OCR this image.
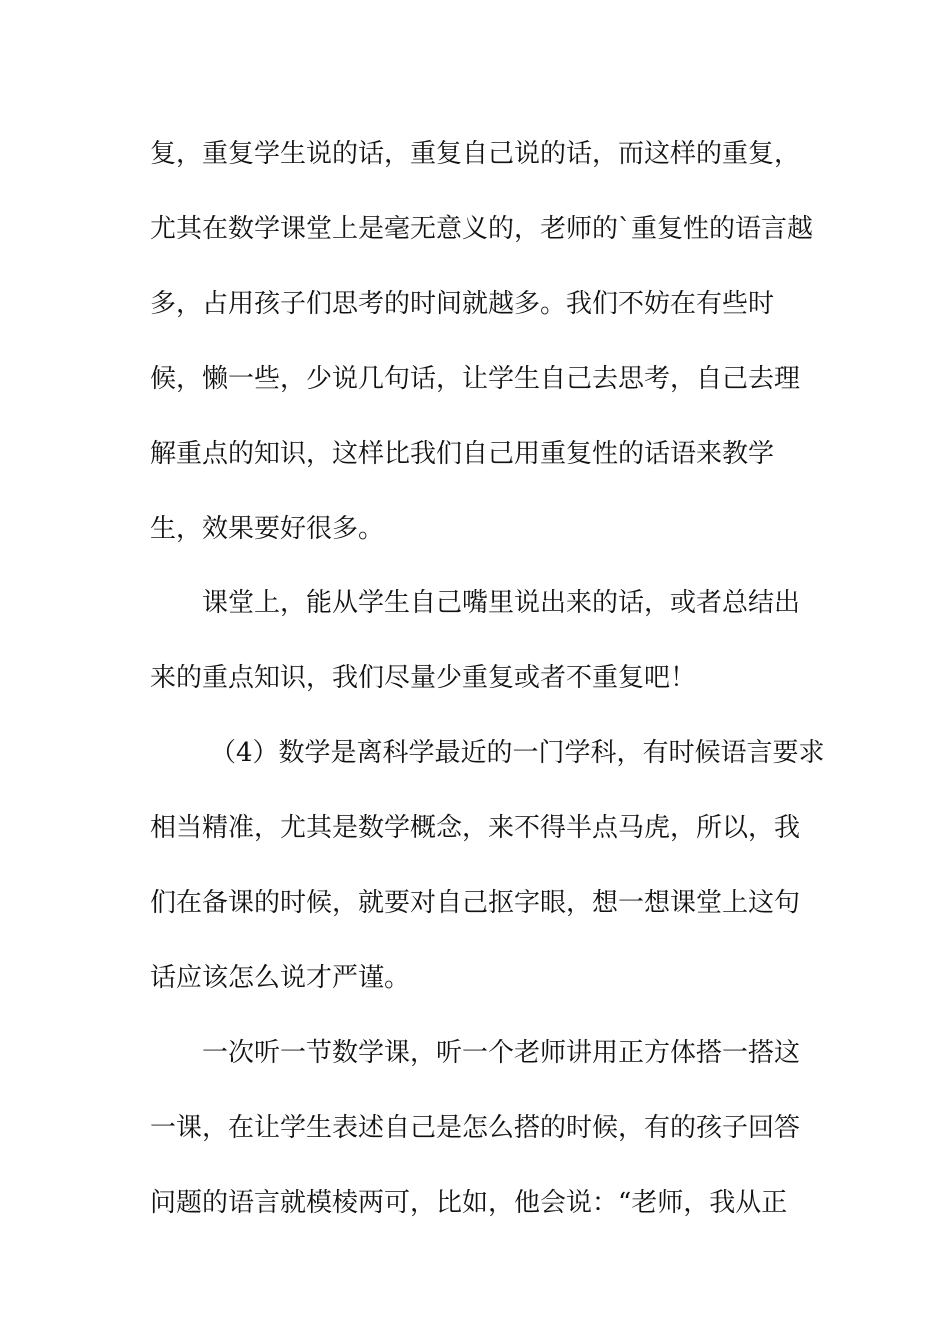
复，重复学生说的话，重复自己说的话，而这样的重复，
尤其在数学课堂上是毫无意义的，老师的`重复性的语言越
多，占用孩子们思考的时间就越多。我们不妨在有些时
候，懒一些，少说几句话，让学生自己去思考，自己去理
解重点的知识，这样比我们自己用重复性的话语来教学
生，效果要好很多。
课堂上，能从学生自己嘴里说出来的话，或者总结出
来的重点知识，我们尽量少重复或者不重复吧！
（4）数学是离科学最近的一门学科，有时候语言要求
相当精准，尤其是数学概念，来不得半点马虎，所以，我
们在备课的时候，就要对自己抠字眼，想一想课堂上这句
话应该怎么说才严谨。
一次听一节数学课，听一个老师讲用正方体搭一搭这
一课，在让学生表述自己是怎么搭的时候，有的孩子回答
问题的语言就模棱两可，比如，他会说：“老师，我从正
